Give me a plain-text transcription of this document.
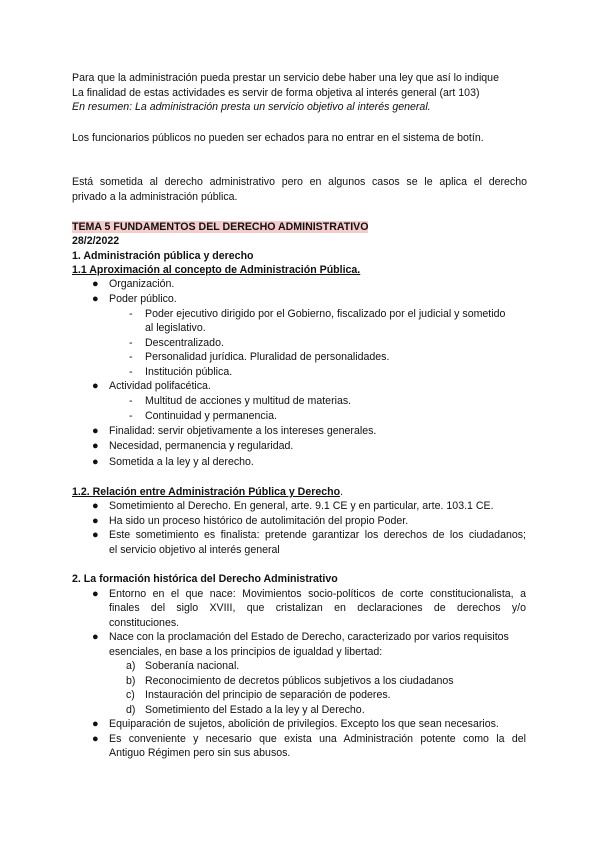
Para que la administración pueda prestar un servicio debe haber una ley que así lo indique
La finalidad de estas actividades es servir de forma objetiva al interés general (art 103)
En resumen: La administración presta un servicio objetivo al interés general.
Los funcionarios públicos no pueden ser echados para no entrar en el sistema de botín.
Está sometida al derecho administrativo pero en algunos casos se le aplica el derecho
privado a la administración pública.
TEMA 5 FUNDAMENTOS DEL DERECHO ADMINISTRATIVO
28/2/2022
1. Administración pública y derecho
1.1 Aproximación al concepto de Administración Pública.
● Organización.
● Poder público.
- Poder ejecutivo dirigido por el Gobierno, fiscalizado por el judicial y sometido
al legislativo.
- Descentralizado.
- Personalidad jurídica. Pluralidad de personalidades.
- Institución pública.
● Actividad polifacética.
- Multitud de acciones y multitud de materias.
- Continuidad y permanencia.
● Finalidad: servir objetivamente a los intereses generales.
● Necesidad, permanencia y regularidad.
● Sometida a la ley y al derecho.
1.2. Relación entre Administración Pública y Derecho.
● Sometimiento al Derecho. En general, arte. 9.1 CE y en particular, arte. 103.1 CE.
● Ha sido un proceso histórico de autolimitación del propio Poder.
● Este sometimiento es finalista: pretende garantizar los derechos de los ciudadanos;
el servicio objetivo al interés general
2. La formación histórica del Derecho Administrativo
● Entorno en el que nace: Movimientos socio-políticos de corte constitucionalista, a
finales del siglo XVIII, que cristalizan en declaraciones de derechos y/o
constituciones.
● Nace con la proclamación del Estado de Derecho, caracterizado por varios requisitos
esenciales, en base a los principios de igualdad y libertad:
a) Soberanía nacional.
b) Reconocimiento de decretos públicos subjetivos a los ciudadanos
c) Instauración del principio de separación de poderes.
d) Sometimiento del Estado a la ley y al Derecho.
● Equiparación de sujetos, abolición de privilegios. Excepto los que sean necesarios.
● Es conveniente y necesario que exista una Administración potente como la del
Antiguo Régimen pero sin sus abusos.
